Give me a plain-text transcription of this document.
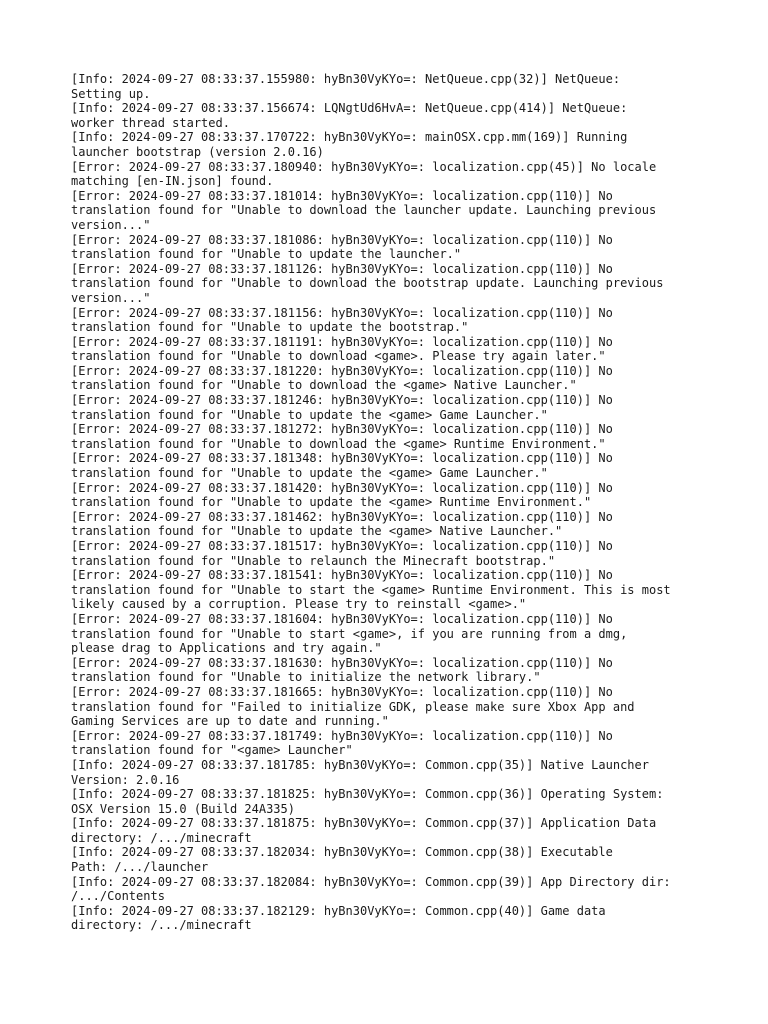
[Info: 2024-09-27 08:33:37.155980: hyBn30VyKYo=: NetQueue.cpp(32)] NetQueue:
Setting up.
[Info: 2024-09-27 08:33:37.156674: LQNgtUd6HvA=: NetQueue.cpp(414)] NetQueue:
worker thread started.
[Info: 2024-09-27 08:33:37.170722: hyBn30VyKYo=: mainOSX.cpp.mm(169)] Running
launcher bootstrap (version 2.0.16)
[Error: 2024-09-27 08:33:37.180940: hyBn30VyKYo=: localization.cpp(45)] No locale
matching [en-IN.json] found.
[Error: 2024-09-27 08:33:37.181014: hyBn30VyKYo=: localization.cpp(110)] No
translation found for "Unable to download the launcher update. Launching previous
version..."
[Error: 2024-09-27 08:33:37.181086: hyBn30VyKYo=: localization.cpp(110)] No
translation found for "Unable to update the launcher."
[Error: 2024-09-27 08:33:37.181126: hyBn30VyKYo=: localization.cpp(110)] No
translation found for "Unable to download the bootstrap update. Launching previous
version..."
[Error: 2024-09-27 08:33:37.181156: hyBn30VyKYo=: localization.cpp(110)] No
translation found for "Unable to update the bootstrap."
[Error: 2024-09-27 08:33:37.181191: hyBn30VyKYo=: localization.cpp(110)] No
translation found for "Unable to download <game>. Please try again later."
[Error: 2024-09-27 08:33:37.181220: hyBn30VyKYo=: localization.cpp(110)] No
translation found for "Unable to download the <game> Native Launcher."
[Error: 2024-09-27 08:33:37.181246: hyBn30VyKYo=: localization.cpp(110)] No
translation found for "Unable to update the <game> Game Launcher."
[Error: 2024-09-27 08:33:37.181272: hyBn30VyKYo=: localization.cpp(110)] No
translation found for "Unable to download the <game> Runtime Environment."
[Error: 2024-09-27 08:33:37.181348: hyBn30VyKYo=: localization.cpp(110)] No
translation found for "Unable to update the <game> Game Launcher."
[Error: 2024-09-27 08:33:37.181420: hyBn30VyKYo=: localization.cpp(110)] No
translation found for "Unable to update the <game> Runtime Environment."
[Error: 2024-09-27 08:33:37.181462: hyBn30VyKYo=: localization.cpp(110)] No
translation found for "Unable to update the <game> Native Launcher."
[Error: 2024-09-27 08:33:37.181517: hyBn30VyKYo=: localization.cpp(110)] No
translation found for "Unable to relaunch the Minecraft bootstrap."
[Error: 2024-09-27 08:33:37.181541: hyBn30VyKYo=: localization.cpp(110)] No
translation found for "Unable to start the <game> Runtime Environment. This is most
likely caused by a corruption. Please try to reinstall <game>."
[Error: 2024-09-27 08:33:37.181604: hyBn30VyKYo=: localization.cpp(110)] No
translation found for "Unable to start <game>, if you are running from a dmg,
please drag to Applications and try again."
[Error: 2024-09-27 08:33:37.181630: hyBn30VyKYo=: localization.cpp(110)] No
translation found for "Unable to initialize the network library."
[Error: 2024-09-27 08:33:37.181665: hyBn30VyKYo=: localization.cpp(110)] No
translation found for "Failed to initialize GDK, please make sure Xbox App and
Gaming Services are up to date and running."
[Error: 2024-09-27 08:33:37.181749: hyBn30VyKYo=: localization.cpp(110)] No
translation found for "<game> Launcher"
[Info: 2024-09-27 08:33:37.181785: hyBn30VyKYo=: Common.cpp(35)] Native Launcher
Version: 2.0.16
[Info: 2024-09-27 08:33:37.181825: hyBn30VyKYo=: Common.cpp(36)] Operating System:
OSX Version 15.0 (Build 24A335)
[Info: 2024-09-27 08:33:37.181875: hyBn30VyKYo=: Common.cpp(37)] Application Data
directory: /.../minecraft
[Info: 2024-09-27 08:33:37.182034: hyBn30VyKYo=: Common.cpp(38)] Executable
Path: /.../launcher
[Info: 2024-09-27 08:33:37.182084: hyBn30VyKYo=: Common.cpp(39)] App Directory dir:
/.../Contents
[Info: 2024-09-27 08:33:37.182129: hyBn30VyKYo=: Common.cpp(40)] Game data
directory: /.../minecraft
